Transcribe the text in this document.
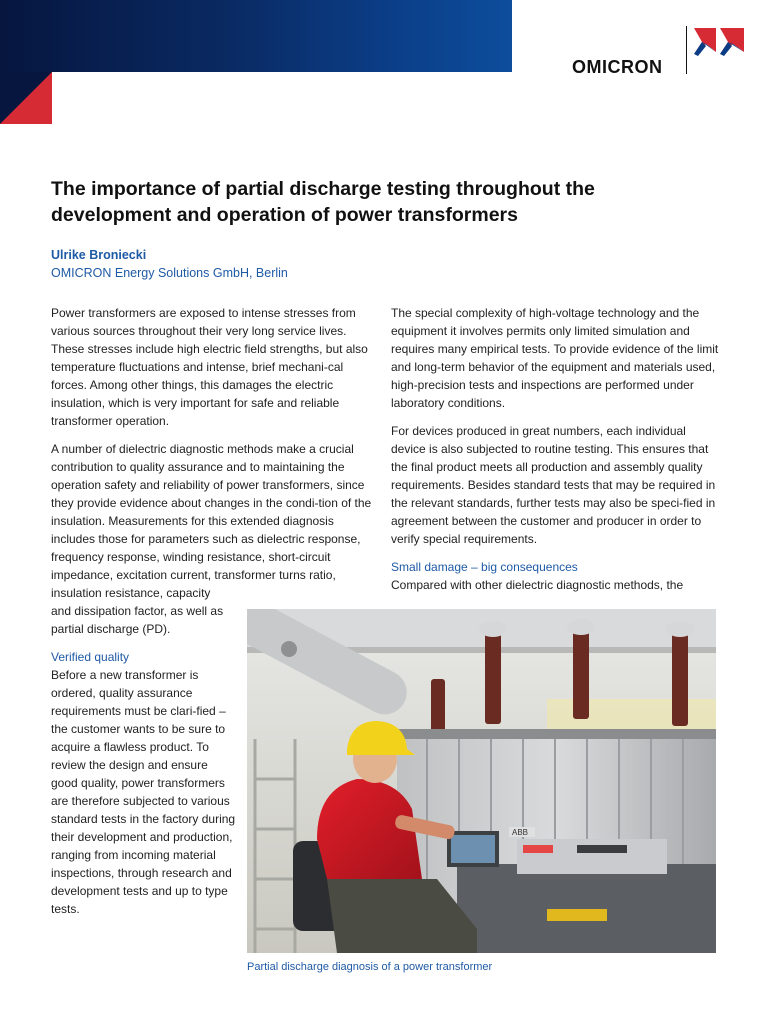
OMICRON
The importance of partial discharge testing throughout the development and operation of power transformers
Ulrike Broniecki
OMICRON Energy Solutions GmbH, Berlin

Power transformers are exposed to intense stresses from various sources throughout their very long service lives. These stresses include high electric field strengths, but also temperature fluctuations and intense, brief mechani-cal forces. Among other things, this damages the electric insulation, which is very important for safe and reliable transformer operation.

A number of dielectric diagnostic methods make a crucial contribution to quality assurance and to maintaining the operation safety and reliability of power transformers, since they provide evidence about changes in the condi-tion of the insulation. Measurements for this extended diagnosis includes those for parameters such as dielectric response, frequency response, winding resistance, short-circuit impedance, excitation current, transformer turns ratio, insulation resistance, capacity

and dissipation factor, as well as partial discharge (PD).

Verified quality

Before a new transformer is ordered, quality assurance requirements must be clari-fied – the customer wants to be sure to acquire a flawless product. To review the design and ensure good quality, power transformers are therefore subjected to various standard tests in the factory during their development and production, ranging from incoming material inspections, through research and development tests and up to type tests.

The special complexity of high-voltage technology and the equipment it involves permits only limited simulation and requires many empirical tests. To provide evidence of the limit and long-term behavior of the equipment and materials used, high-precision tests and inspections are performed under laboratory conditions.

For devices produced in great numbers, each individual device is also subjected to routine testing. This ensures that the final product meets all production and assembly quality requirements. Besides standard tests that may be required in the relevant standards, further tests may also be speci-fied in agreement between the customer and producer in order to verify special requirements.

Small damage – big consequences

Compared with other dielectric diagnostic methods, the

ABB
Partial discharge diagnosis of a power transformer
